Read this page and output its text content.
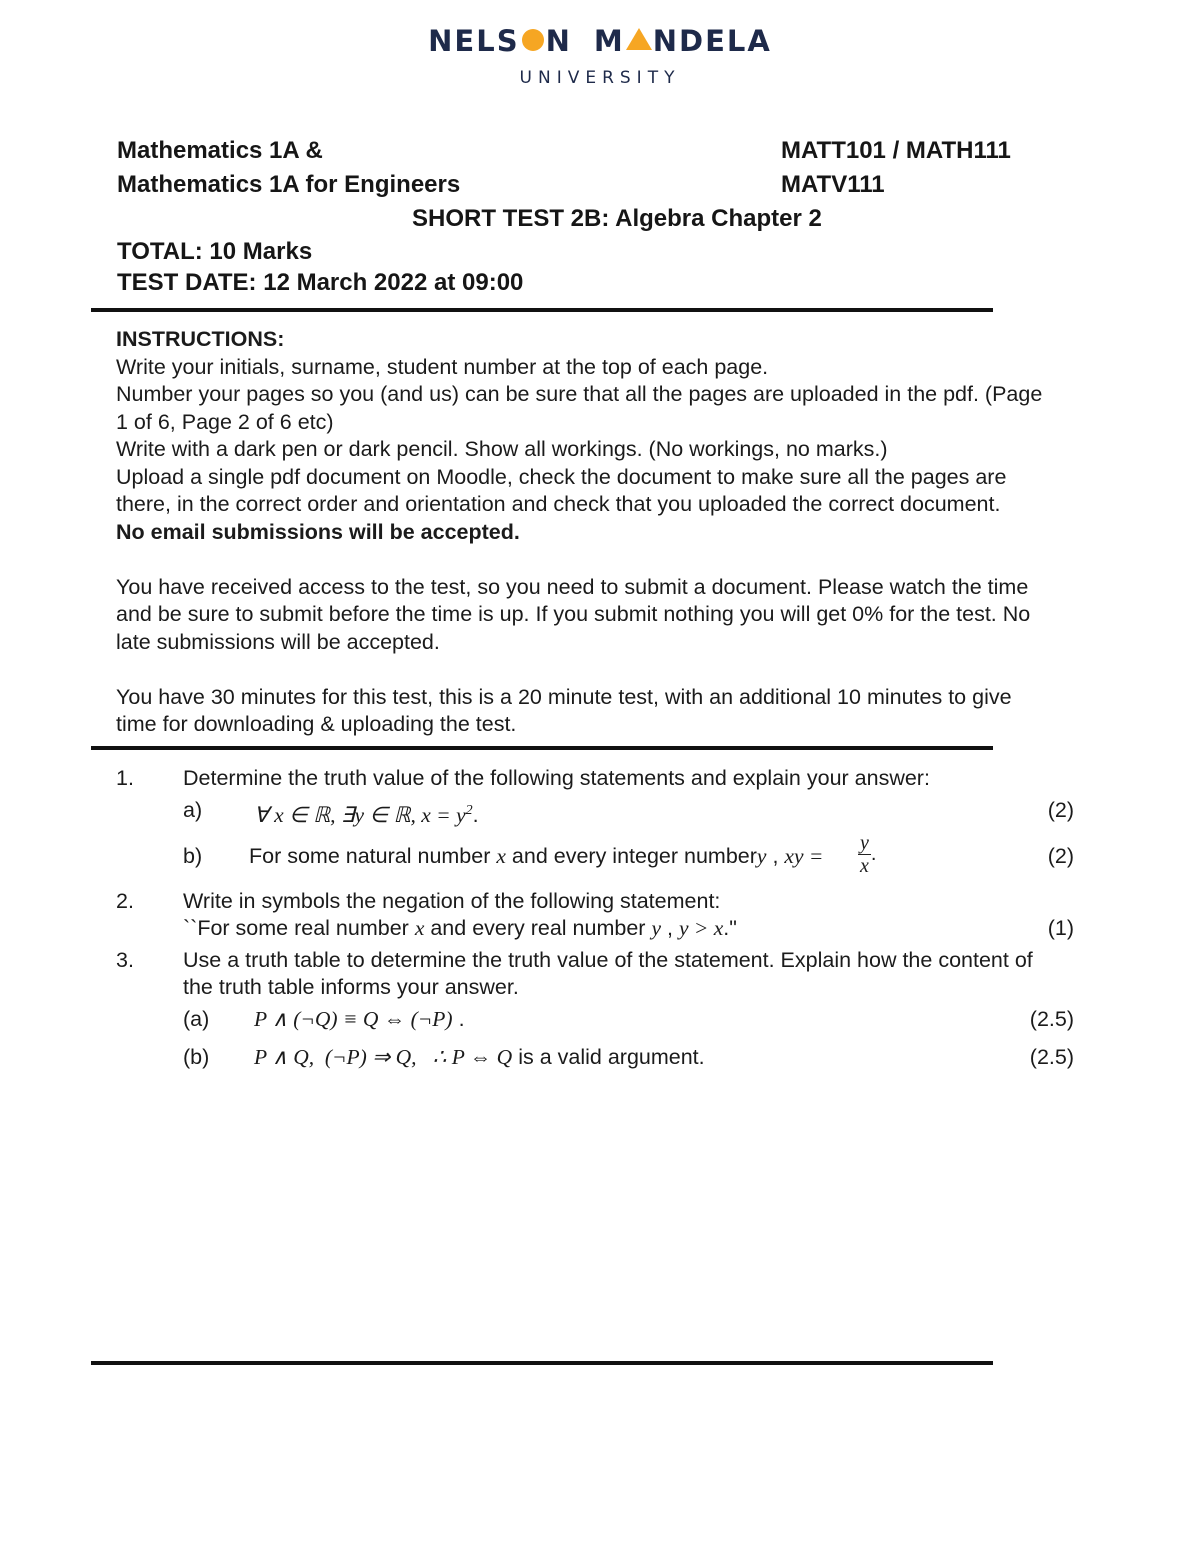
NELS N M NDELA
UNIVERSITY
Mathematics 1A &
Mathematics 1A for Engineers
MATT101 / MATH111
MATV111
SHORT TEST 2B: Algebra Chapter 2
TOTAL: 10 Marks
TEST DATE: 12 March 2022 at 09:00
INSTRUCTIONS:
Write your initials, surname, student number at the top of each page.
Number your pages so you (and us) can be sure that all the pages are uploaded in the pdf. (Page
1 of 6, Page 2 of 6 etc)
Write with a dark pen or dark pencil. Show all workings. (No workings, no marks.)
Upload a single pdf document on Moodle, check the document to make sure all the pages are
there, in the correct order and orientation and check that you uploaded the correct document.
No email submissions will be accepted.
You have received access to the test, so you need to submit a document. Please watch the time
and be sure to submit before the time is up. If you submit nothing you will get 0% for the test. No
late submissions will be accepted.
You have 30 minutes for this test, this is a 20 minute test, with an additional 10 minutes to give
time for downloading & uploading the test.
1. Determine the truth value of the following statements and explain your answer:
a) ∀ x ∈ ℝ, ∃y ∈ ℝ, $x = y^2$.	(2)
b) For some natural number x and every integer numbery , xy = $\frac{y}{x}$ .	(2)
2. Write in symbols the negation of the following statement:
``For some real number x and every real number y , y > x."	(1)
3. Use a truth table to determine the truth value of the statement. Explain how the content of
the truth table informs your answer.
(a) P ∧ (¬Q) ≡ Q ⇔ (¬P) .	(2.5)
(b) P ∧ Q,  (¬P) ⇒ Q,   ∴ P ⇔ Q is a valid argument.	(2.5)
